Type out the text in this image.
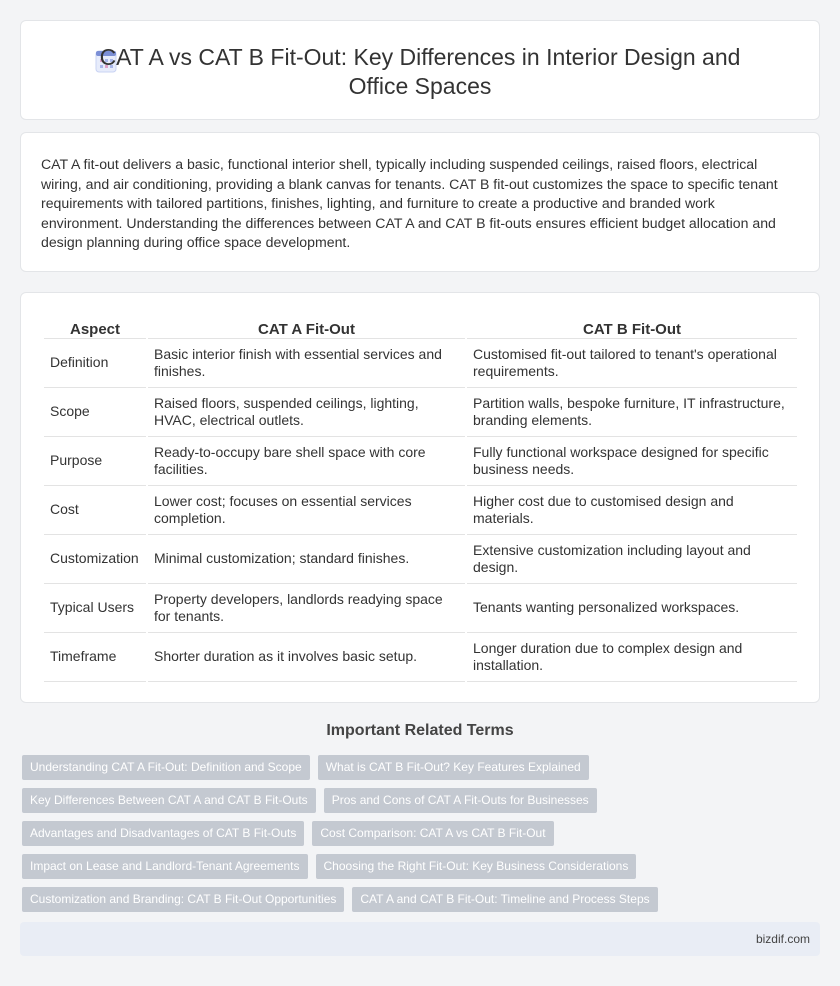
CAT A vs CAT B Fit-Out: Key Differences in Interior Design and Office Spaces

CAT A fit-out delivers a basic, functional interior shell, typically including suspended ceilings, raised floors, electrical wiring, and air conditioning, providing a blank canvas for tenants. CAT B fit-out customizes the space to specific tenant requirements with tailored partitions, finishes, lighting, and furniture to create a productive and branded work environment. Understanding the differences between CAT A and CAT B fit-outs ensures efficient budget allocation and design planning during office space development.

Aspect	CAT A Fit-Out	CAT B Fit-Out
Definition	Basic interior finish with essential services and finishes.	Customised fit-out tailored to tenant's operational requirements.
Scope	Raised floors, suspended ceilings, lighting, HVAC, electrical outlets.	Partition walls, bespoke furniture, IT infrastructure, branding elements.
Purpose	Ready-to-occupy bare shell space with core facilities.	Fully functional workspace designed for specific business needs.
Cost	Lower cost; focuses on essential services completion.	Higher cost due to customised design and materials.
Customization	Minimal customization; standard finishes.	Extensive customization including layout and design.
Typical Users	Property developers, landlords readying space for tenants.	Tenants wanting personalized workspaces.
Timeframe	Shorter duration as it involves basic setup.	Longer duration due to complex design and installation.
Important Related Terms
Understanding CAT A Fit-Out: Definition and Scope	What is CAT B Fit-Out? Key Features Explained
Key Differences Between CAT A and CAT B Fit-Outs	Pros and Cons of CAT A Fit-Outs for Businesses
Advantages and Disadvantages of CAT B Fit-Outs	Cost Comparison: CAT A vs CAT B Fit-Out
Impact on Lease and Landlord-Tenant Agreements	Choosing the Right Fit-Out: Key Business Considerations
Customization and Branding: CAT B Fit-Out Opportunities	CAT A and CAT B Fit-Out: Timeline and Process Steps
bizdif.com
